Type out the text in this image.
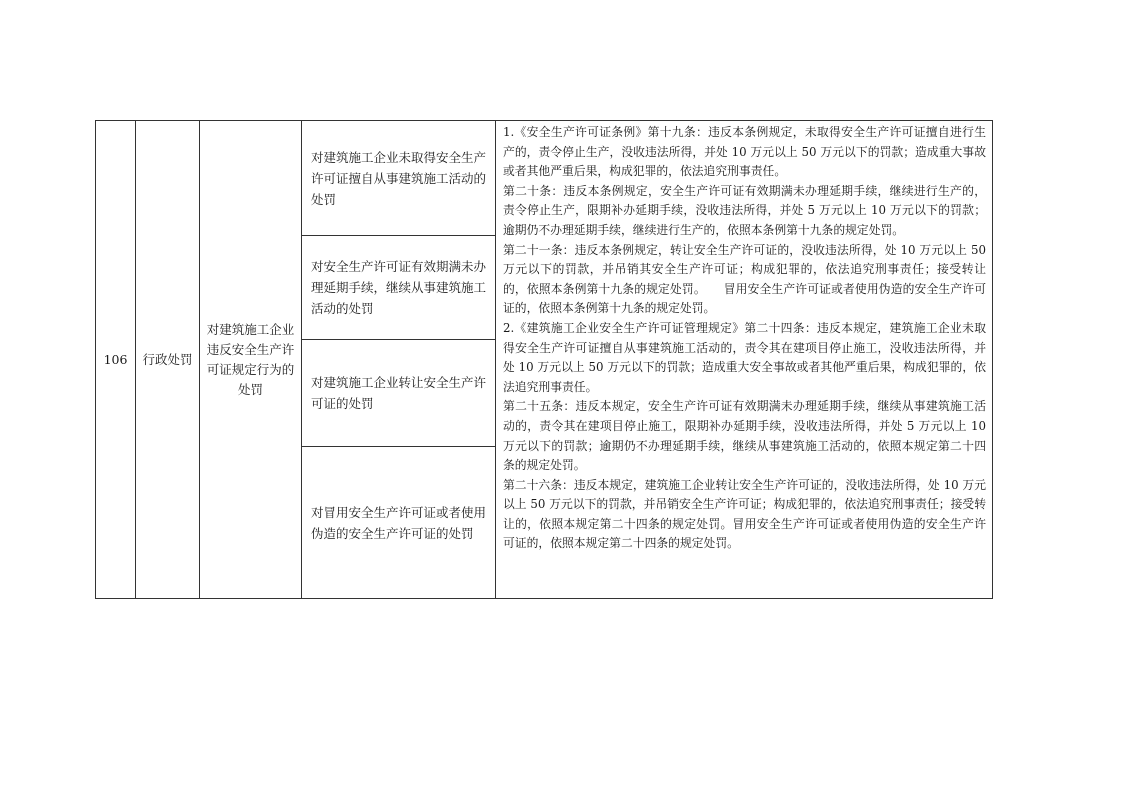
106 行政处罚
对建筑施工企业违反安全生产许可证规定行为的处罚
对建筑施工企业未取得安全生产许可证擅自从事建筑施工活动的处罚
对安全生产许可证有效期满未办理延期手续，继续从事建筑施工活动的处罚
对建筑施工企业转让安全生产许可证的处罚
对冒用安全生产许可证或者使用伪造的安全生产许可证的处罚

1.《安全生产许可证条例》第十九条：违反本条例规定，未取得安全生产许可证擅自进行生产的，责令停止生产，没收违法所得，并处 10 万元以上 50 万元以下的罚款；造成重大事故或者其他严重后果，构成犯罪的，依法追究刑事责任。

第二十条：违反本条例规定，安全生产许可证有效期满未办理延期手续，继续进行生产的，责令停止生产，限期补办延期手续，没收违法所得，并处 5 万元以上 10 万元以下的罚款；逾期仍不办理延期手续，继续进行生产的，依照本条例第十九条的规定处罚。

第二十一条：违反本条例规定，转让安全生产许可证的，没收违法所得，处 10 万元以上 50 万元以下的罚款，并吊销其安全生产许可证；构成犯罪的，依法追究刑事责任；接受转让的，依照本条例第十九条的规定处罚。　　冒用安全生产许可证或者使用伪造的安全生产许可证的，依照本条例第十九条的规定处罚。

2.《建筑施工企业安全生产许可证管理规定》第二十四条：违反本规定，建筑施工企业未取得安全生产许可证擅自从事建筑施工活动的，责令其在建项目停止施工，没收违法所得，并处 10 万元以上 50 万元以下的罚款；造成重大安全事故或者其他严重后果，构成犯罪的，依法追究刑事责任。

第二十五条：违反本规定，安全生产许可证有效期满未办理延期手续，继续从事建筑施工活动的，责令其在建项目停止施工，限期补办延期手续，没收违法所得，并处 5 万元以上 10 万元以下的罚款；逾期仍不办理延期手续，继续从事建筑施工活动的，依照本规定第二十四条的规定处罚。

第二十六条：违反本规定，建筑施工企业转让安全生产许可证的，没收违法所得，处 10 万元以上 50 万元以下的罚款，并吊销安全生产许可证；构成犯罪的，依法追究刑事责任；接受转让的，依照本规定第二十四条的规定处罚。冒用安全生产许可证或者使用伪造的安全生产许可证的，依照本规定第二十四条的规定处罚。
